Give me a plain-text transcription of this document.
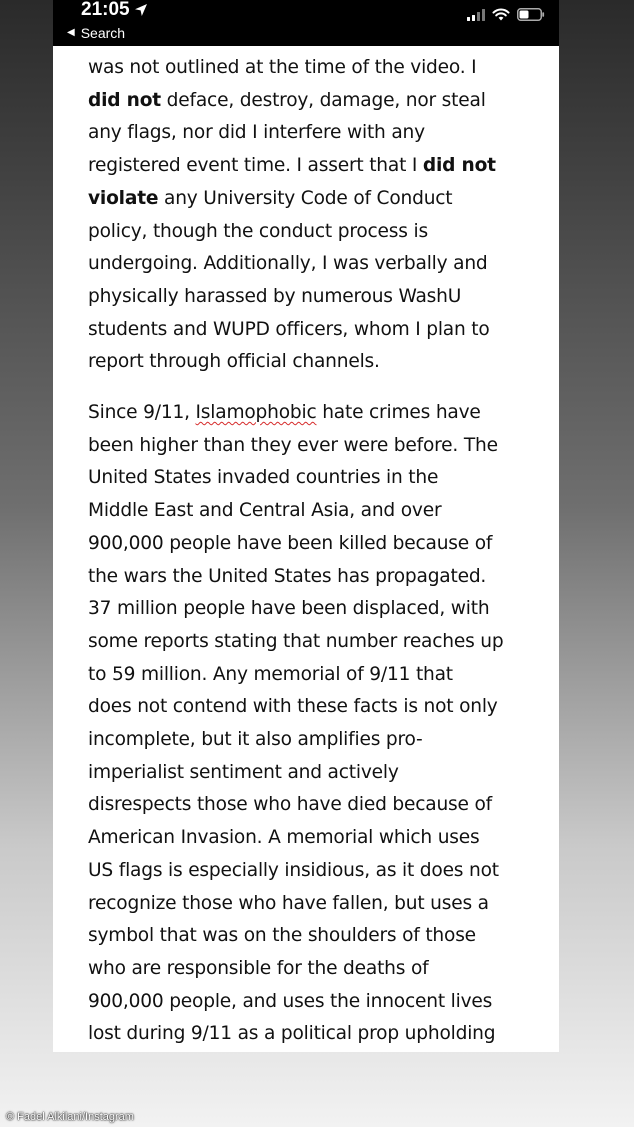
21:05
◀ Search

was not outlined at the time of the video. I

did not deface, destroy, damage, nor steal

any flags, nor did I interfere with any

registered event time. I assert that I did not

violate any University Code of Conduct

policy, though the conduct process is

undergoing. Additionally, I was verbally and

physically harassed by numerous WashU

students and WUPD officers, whom I plan to

report through official channels.

Since 9/11, Islamophobic hate crimes have

been higher than they ever were before. The

United States invaded countries in the

Middle East and Central Asia, and over

900,000 people have been killed because of

the wars the United States has propagated.

37 million people have been displaced, with

some reports stating that number reaches up

to 59 million. Any memorial of 9/11 that

does not contend with these facts is not only

incomplete, but it also amplifies pro-

imperialist sentiment and actively

disrespects those who have died because of

American Invasion. A memorial which uses

US flags is especially insidious, as it does not

recognize those who have fallen, but uses a

symbol that was on the shoulders of those

who are responsible for the deaths of

900,000 people, and uses the innocent lives

lost during 9/11 as a political prop upholding

© Fadel Alkilani/Instagram
